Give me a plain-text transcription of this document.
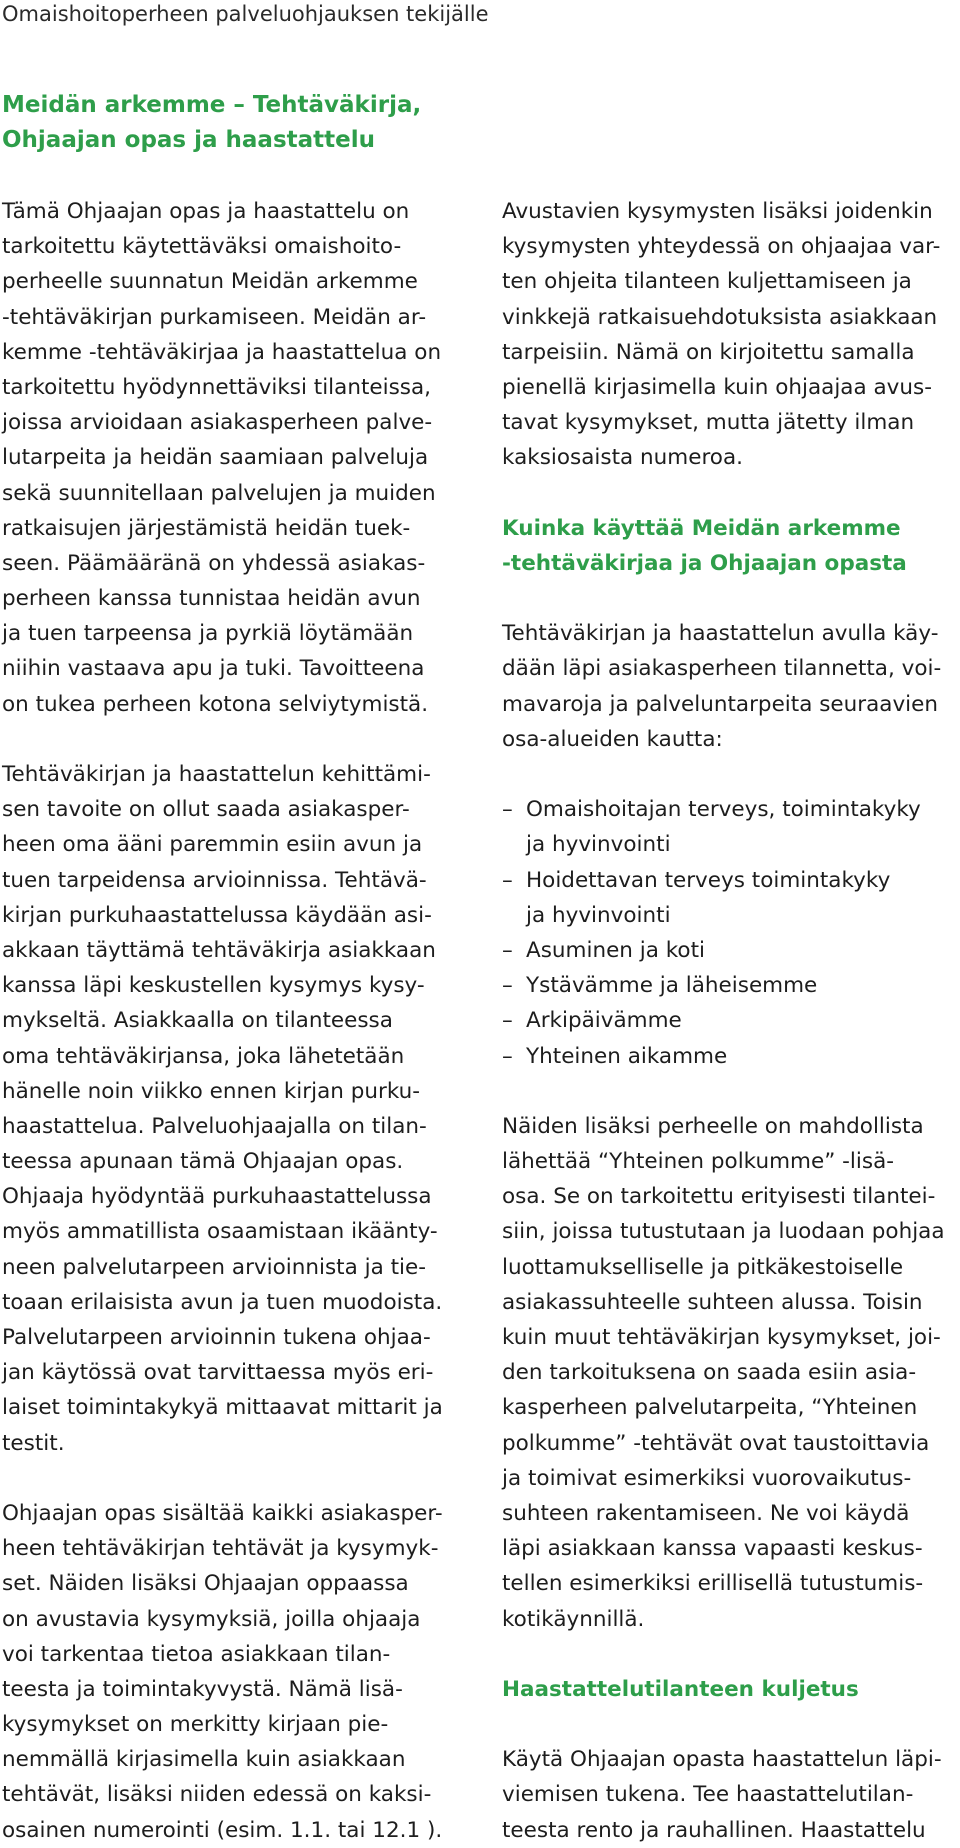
Omaishoitoperheen palveluohjauksen tekijälle
Meidän arkemme – Tehtäväkirja,
Ohjaajan opas ja haastattelu
Tämä Ohjaajan opas ja haastattelu on
tarkoitettu käytettäväksi omaishoito-
perheelle suunnatun Meidän arkemme
-tehtäväkirjan purkamiseen. Meidän ar-
kemme -tehtäväkirjaa ja haastattelua on
tarkoitettu hyödynnettäviksi tilanteissa,
joissa arvioidaan asiakasperheen palve-
lutarpeita ja heidän saamiaan palveluja
sekä suunnitellaan palvelujen ja muiden
ratkaisujen järjestämistä heidän tuek-
seen. Päämääränä on yhdessä asiakas-
perheen kanssa tunnistaa heidän avun
ja tuen tarpeensa ja pyrkiä löytämään
niihin vastaava apu ja tuki. Tavoitteena
on tukea perheen kotona selviytymistä.
Tehtäväkirjan ja haastattelun kehittämi-
sen tavoite on ollut saada asiakasper-
heen oma ääni paremmin esiin avun ja
tuen tarpeidensa arvioinnissa. Tehtävä-
kirjan purkuhaastattelussa käydään asi-
akkaan täyttämä tehtäväkirja asiakkaan
kanssa läpi keskustellen kysymys kysy-
mykseltä. Asiakkaalla on tilanteessa
oma tehtäväkirjansa, joka lähetetään
hänelle noin viikko ennen kirjan purku-
haastattelua. Palveluohjaajalla on tilan-
teessa apunaan tämä Ohjaajan opas.
Ohjaaja hyödyntää purkuhaastattelussa
myös ammatillista osaamistaan ikäänty-
neen palvelutarpeen arvioinnista ja tie-
toaan erilaisista avun ja tuen muodoista.
Palvelutarpeen arvioinnin tukena ohjaa-
jan käytössä ovat tarvittaessa myös eri-
laiset toimintakykyä mittaavat mittarit ja
testit.
Ohjaajan opas sisältää kaikki asiakasper-
heen tehtäväkirjan tehtävät ja kysymyk-
set. Näiden lisäksi Ohjaajan oppaassa
on avustavia kysymyksiä, joilla ohjaaja
voi tarkentaa tietoa asiakkaan tilan-
teesta ja toimintakyvystä. Nämä lisä-
kysymykset on merkitty kirjaan pie-
nemmällä kirjasimella kuin asiakkaan
tehtävät, lisäksi niiden edessä on kaksi-
osainen numerointi (esim. 1.1. tai 12.1 ).
Avustavien kysymysten lisäksi joidenkin
kysymysten yhteydessä on ohjaajaa var-
ten ohjeita tilanteen kuljettamiseen ja
vinkkejä ratkaisuehdotuksista asiakkaan
tarpeisiin. Nämä on kirjoitettu samalla
pienellä kirjasimella kuin ohjaajaa avus-
tavat kysymykset, mutta jätetty ilman
kaksiosaista numeroa.
Kuinka käyttää Meidän arkemme
-tehtäväkirjaa ja Ohjaajan opasta
Tehtäväkirjan ja haastattelun avulla käy-
dään läpi asiakasperheen tilannetta, voi-
mavaroja ja palveluntarpeita seuraavien
osa-alueiden kautta:
– Omaishoitajan terveys, toimintakyky
ja hyvinvointi
– Hoidettavan terveys toimintakyky
ja hyvinvointi
– Asuminen ja koti
– Ystävämme ja läheisemme
– Arkipäivämme
– Yhteinen aikamme
Näiden lisäksi perheelle on mahdollista
lähettää “Yhteinen polkumme” -lisä-
osa. Se on tarkoitettu erityisesti tilantei-
siin, joissa tutustutaan ja luodaan pohjaa
luottamukselliselle ja pitkäkestoiselle
asiakassuhteelle suhteen alussa. Toisin
kuin muut tehtäväkirjan kysymykset, joi-
den tarkoituksena on saada esiin asia-
kasperheen palvelutarpeita, “Yhteinen
polkumme” -tehtävät ovat taustoittavia
ja toimivat esimerkiksi vuorovaikutus-
suhteen rakentamiseen. Ne voi käydä
läpi asiakkaan kanssa vapaasti keskus-
tellen esimerkiksi erillisellä tutustumis-
kotikäynnillä.
Haastattelutilanteen kuljetus
Käytä Ohjaajan opasta haastattelun läpi-
viemisen tukena. Tee haastattelutilan-
teesta rento ja rauhallinen. Haastattelu
